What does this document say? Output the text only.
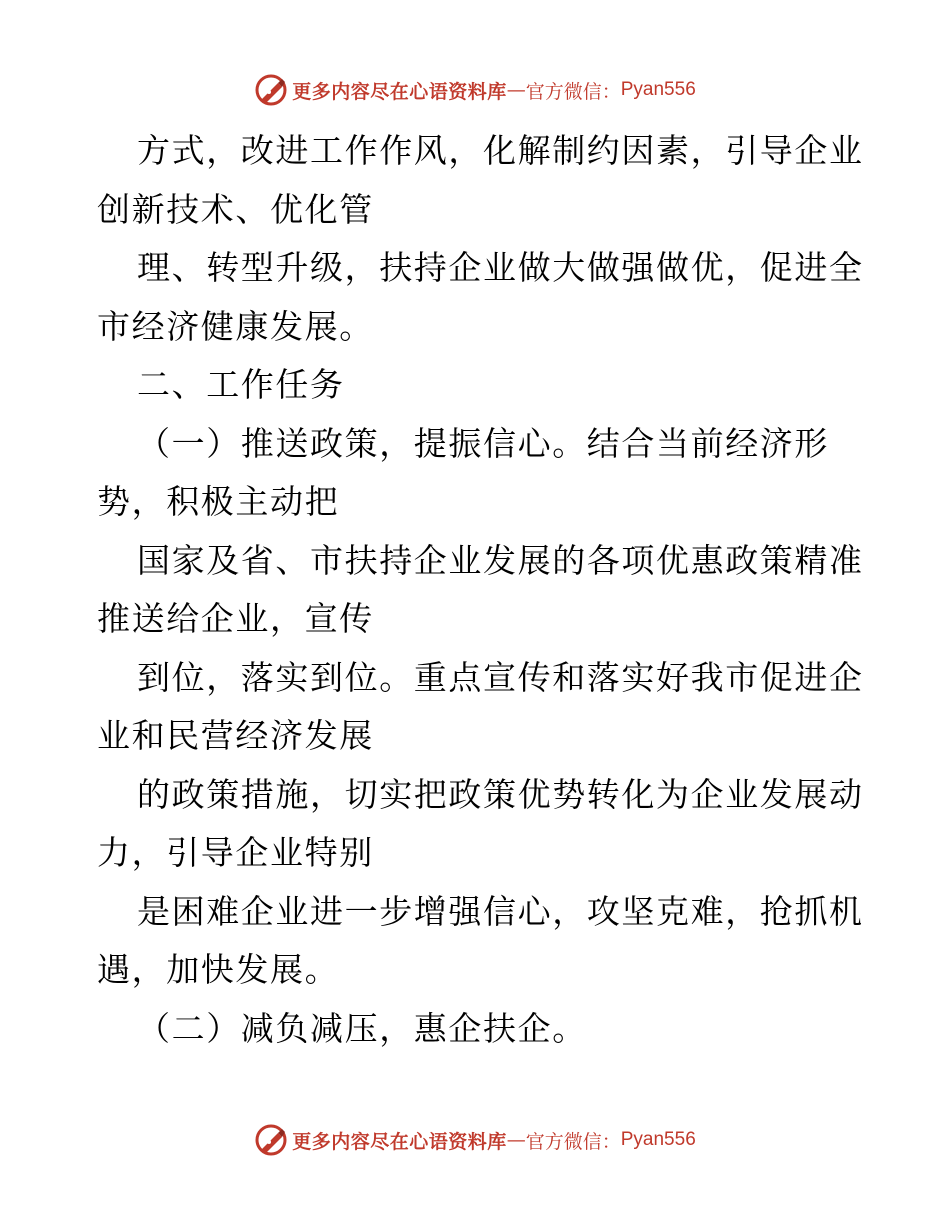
更多内容尽在心语资料库 — 官方微信： Pyan556
方式，改进工作作风，化解制约因素，引导企业
创新技术、优化管
理、转型升级，扶持企业做大做强做优，促进全
市经济健康发展。
二、工作任务
（一）推送政策，提振信心。结合当前经济形
势，积极主动把
国家及省、市扶持企业发展的各项优惠政策精准
推送给企业，宣传
到位，落实到位。重点宣传和落实好我市促进企
业和民营经济发展
的政策措施，切实把政策优势转化为企业发展动
力，引导企业特别
是困难企业进一步增强信心，攻坚克难，抢抓机
遇，加快发展。
（二）减负减压，惠企扶企。
更多内容尽在心语资料库 — 官方微信： Pyan556
